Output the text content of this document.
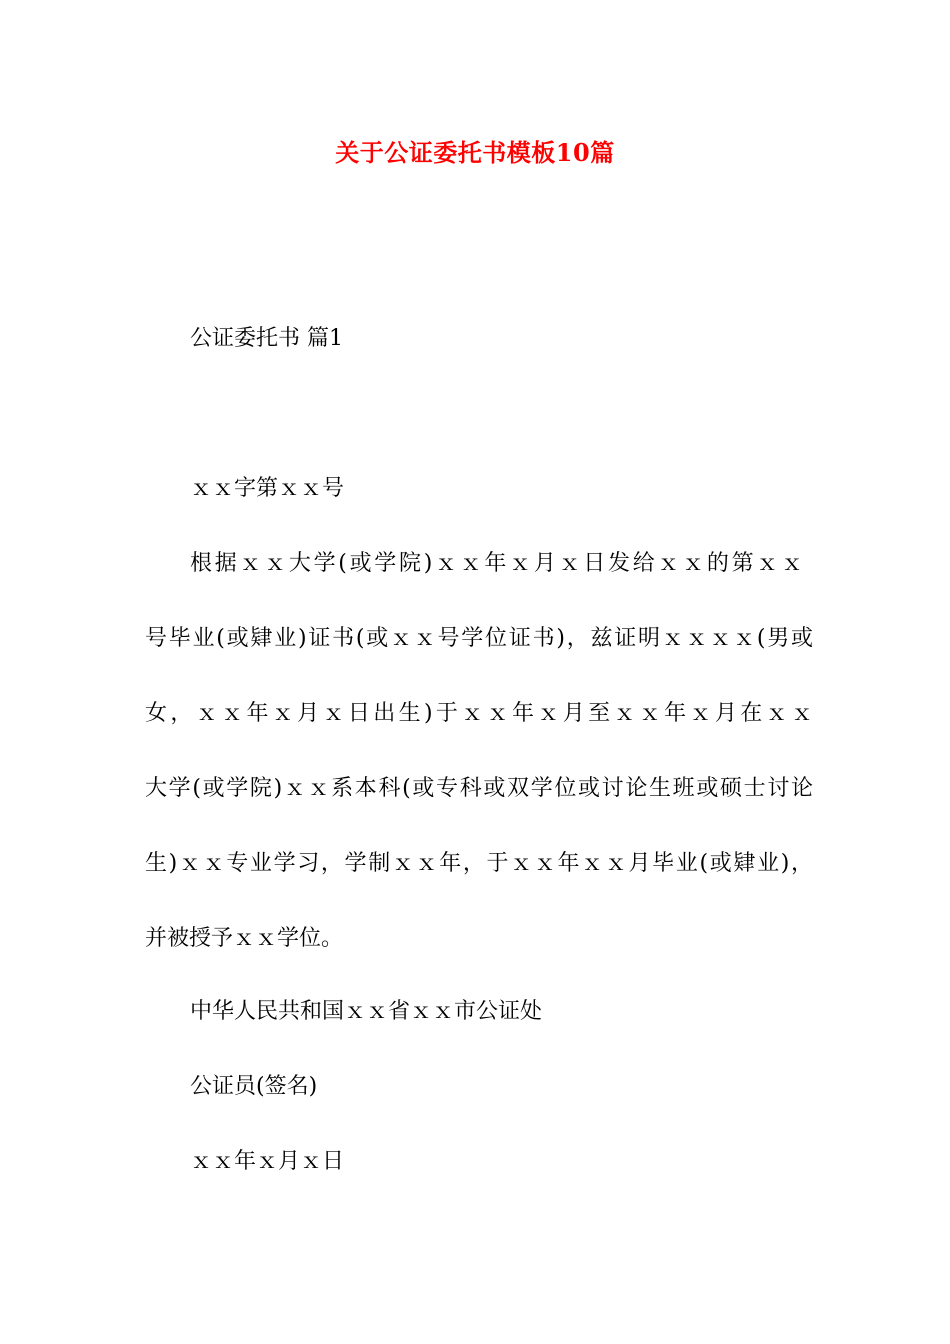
关于公证委托书模板10篇
公证委托书 篇1
ｘｘ字第ｘｘ号
根据ｘｘ大学(或学院)ｘｘ年ｘ月ｘ日发给ｘｘ的第ｘｘ
号毕业(或肄业)证书(或ｘｘ号学位证书)，兹证明ｘｘｘｘ(男或
女，ｘｘ年ｘ月ｘ日出生)于ｘｘ年ｘ月至ｘｘ年ｘ月在ｘｘ
大学(或学院)ｘｘ系本科(或专科或双学位或讨论生班或硕士讨论
生)ｘｘ专业学习，学制ｘｘ年，于ｘｘ年ｘｘ月毕业(或肄业)，
并被授予ｘｘ学位。
中华人民共和国ｘｘ省ｘｘ市公证处
公证员(签名)
ｘｘ年ｘ月ｘ日
